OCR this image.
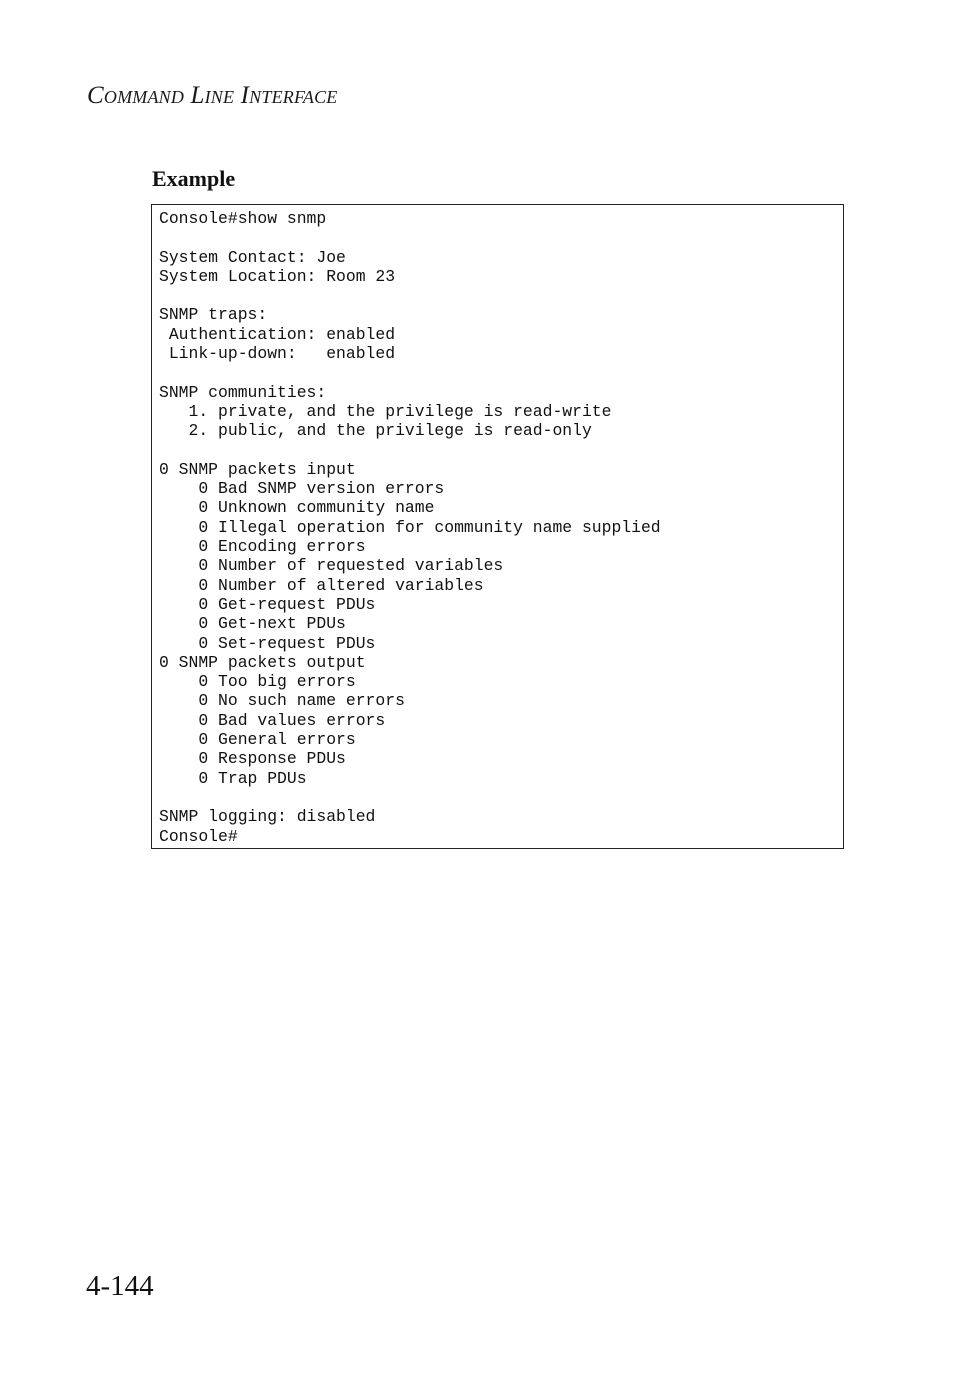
Command Line Interface
Example
Console#show snmp
System Contact: Joe
System Location: Room 23
SNMP traps:
Authentication: enabled
Link-up-down:   enabled
SNMP communities:
1. private, and the privilege is read-write
2. public, and the privilege is read-only
0 SNMP packets input
0 Bad SNMP version errors
0 Unknown community name
0 Illegal operation for community name supplied
0 Encoding errors
0 Number of requested variables
0 Number of altered variables
0 Get-request PDUs
0 Get-next PDUs
0 Set-request PDUs
0 SNMP packets output
0 Too big errors
0 No such name errors
0 Bad values errors
0 General errors
0 Response PDUs
0 Trap PDUs
SNMP logging: disabled
Console#
4-144
